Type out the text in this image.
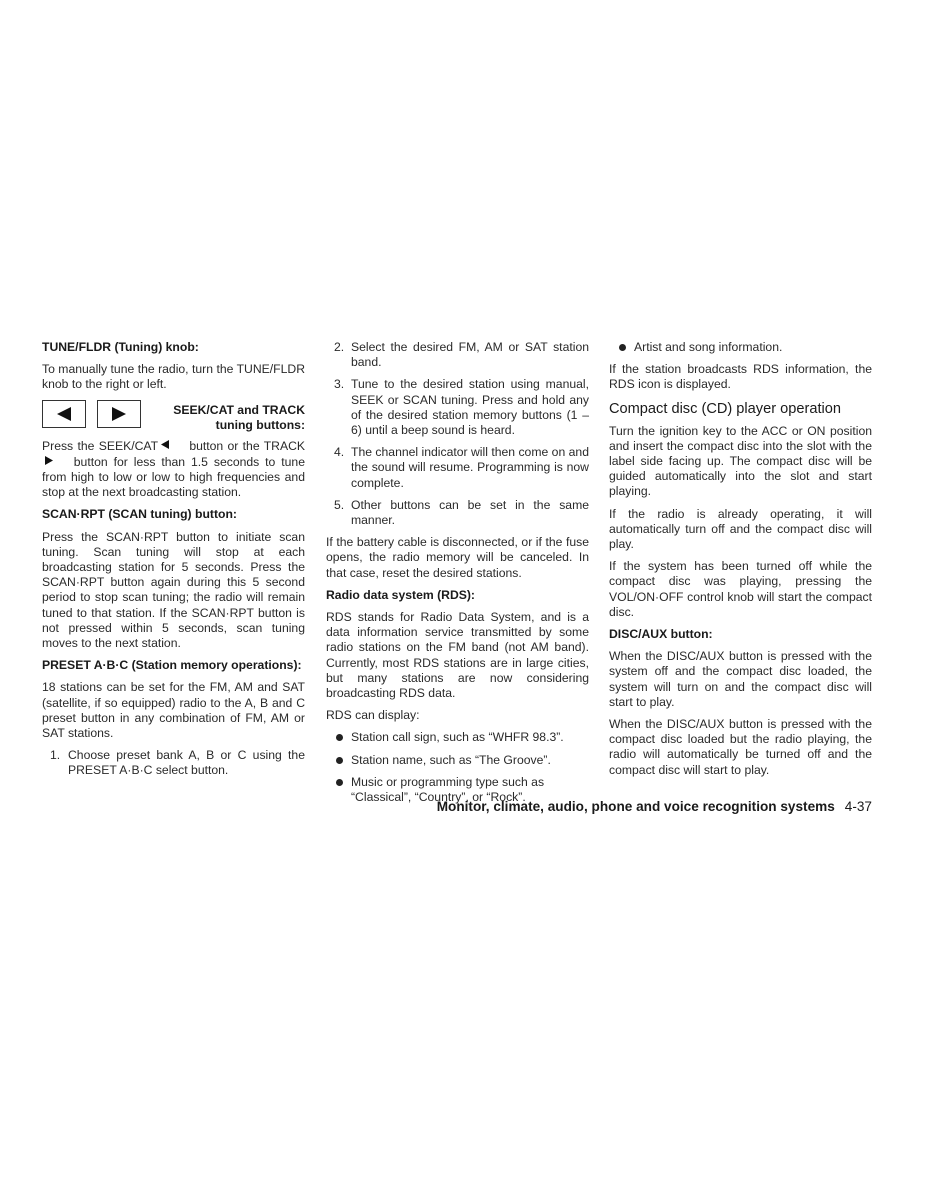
TUNE/FLDR (Tuning) knob:

To manually tune the radio, turn the TUNE/FLDR knob to the right or left.

SEEK/CAT and TRACK
tuning buttons:

Press the SEEK/CAT	button or the TRACK   button for less than 1.5 seconds to tune from high to low or low to high frequencies and stop at the next broadcasting station.

SCAN·RPT (SCAN tuning) button:

Press the SCAN·RPT button to initiate scan tuning. Scan tuning will stop at each broadcasting station for 5 seconds. Press the SCAN·RPT button again during this 5 second period to stop scan tuning; the radio will remain tuned to that station. If the SCAN·RPT button is not pressed within 5 seconds, scan tuning moves to the next station.

PRESET A·B·C (Station memory operations):

18 stations can be set for the FM, AM and SAT (satellite, if so equipped) radio to the A, B and C preset button in any combination of FM, AM or SAT stations.

1. Choose preset bank A, B or C using the PRESET A·B·C select button.
2. Select the desired FM, AM or SAT station band.
3. Tune to the desired station using manual, SEEK or SCAN tuning. Press and hold any of the desired station memory buttons (1 – 6) until a beep sound is heard.
4. The channel indicator will then come on and the sound will resume. Programming is now complete.
5. Other buttons can be set in the same manner.

If the battery cable is disconnected, or if the fuse opens, the radio memory will be canceled. In that case, reset the desired stations.

Radio data system (RDS):

RDS stands for Radio Data System, and is a data information service transmitted by some radio stations on the FM band (not AM band). Currently, most RDS stations are in large cities, but many stations are now considering broadcasting RDS data.

RDS can display:

Station call sign, such as “WHFR 98.3”.
Station name, such as “The Groove”.
Music or programming type such as “Classical”, “Country”, or “Rock”.
Artist and song information.

If the station broadcasts RDS information, the RDS icon is displayed.

Compact disc (CD) player operation

Turn the ignition key to the ACC or ON position and insert the compact disc into the slot with the label side facing up. The compact disc will be guided automatically into the slot and start playing.

If the radio is already operating, it will automatically turn off and the compact disc will play.

If the system has been turned off while the compact disc was playing, pressing the VOL/ON·OFF control knob will start the compact disc.

DISC/AUX button:

When the DISC/AUX button is pressed with the system off and the compact disc loaded, the system will turn on and the compact disc will start to play.

When the DISC/AUX button is pressed with the compact disc loaded but the radio playing, the radio will automatically be turned off and the compact disc will start to play.

Monitor, climate, audio, phone and voice recognition systems 4-37
